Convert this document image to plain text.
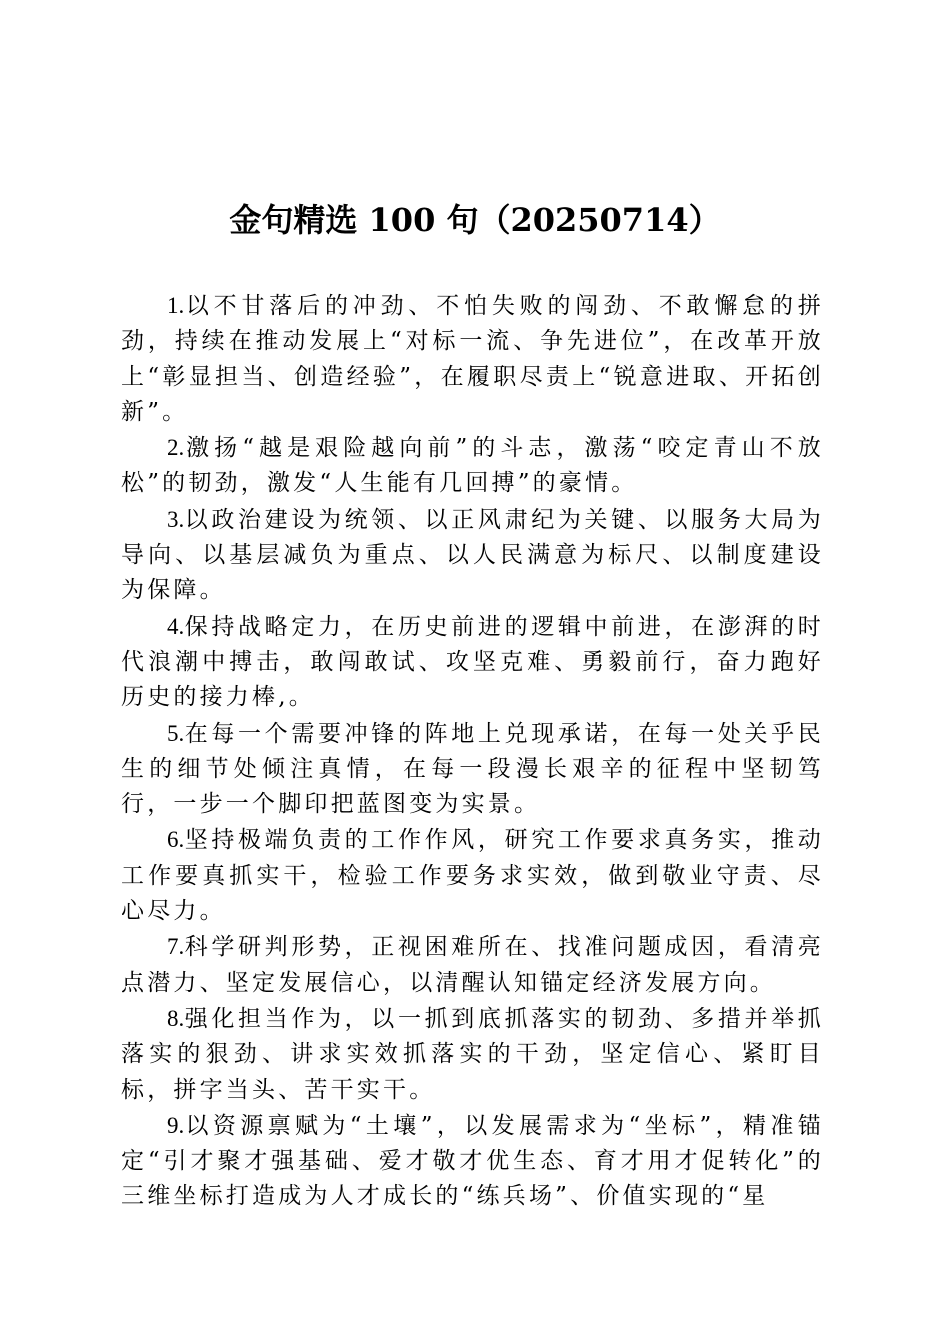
金句精选 100 句（20250714）

1.以不甘落后的冲劲、不怕失败的闯劲、不敢懈怠的拼劲，持续在推动发展上“对标一流、争先进位”，在改革开放上“彰显担当、创造经验”，在履职尽责上“锐意进取、开拓创新”。

2.激扬“越是艰险越向前”的斗志，激荡“咬定青山不放松”的韧劲，激发“人生能有几回搏”的豪情。

3.以政治建设为统领、以正风肃纪为关键、以服务大局为导向、以基层减负为重点、以人民满意为标尺、以制度建设为保障。

4.保持战略定力，在历史前进的逻辑中前进，在澎湃的时代浪潮中搏击，敢闯敢试、攻坚克难、勇毅前行，奋力跑好历史的接力棒,。

5.在每一个需要冲锋的阵地上兑现承诺，在每一处关乎民生的细节处倾注真情，在每一段漫长艰辛的征程中坚韧笃行，一步一个脚印把蓝图变为实景。

6.坚持极端负责的工作作风，研究工作要求真务实，推动工作要真抓实干，检验工作要务求实效，做到敬业守责、尽心尽力。

7.科学研判形势，正视困难所在、找准问题成因，看清亮点潜力、坚定发展信心，以清醒认知锚定经济发展方向。

8.强化担当作为，以一抓到底抓落实的韧劲、多措并举抓落实的狠劲、讲求实效抓落实的干劲，坚定信心、紧盯目标，拼字当头、苦干实干。

9.以资源禀赋为“土壤”，以发展需求为“坐标”，精准锚定“引才聚才强基础、爱才敬才优生态、育才用才促转化”的三维坐标打造成为人才成长的“练兵场”、价值实现的“星
